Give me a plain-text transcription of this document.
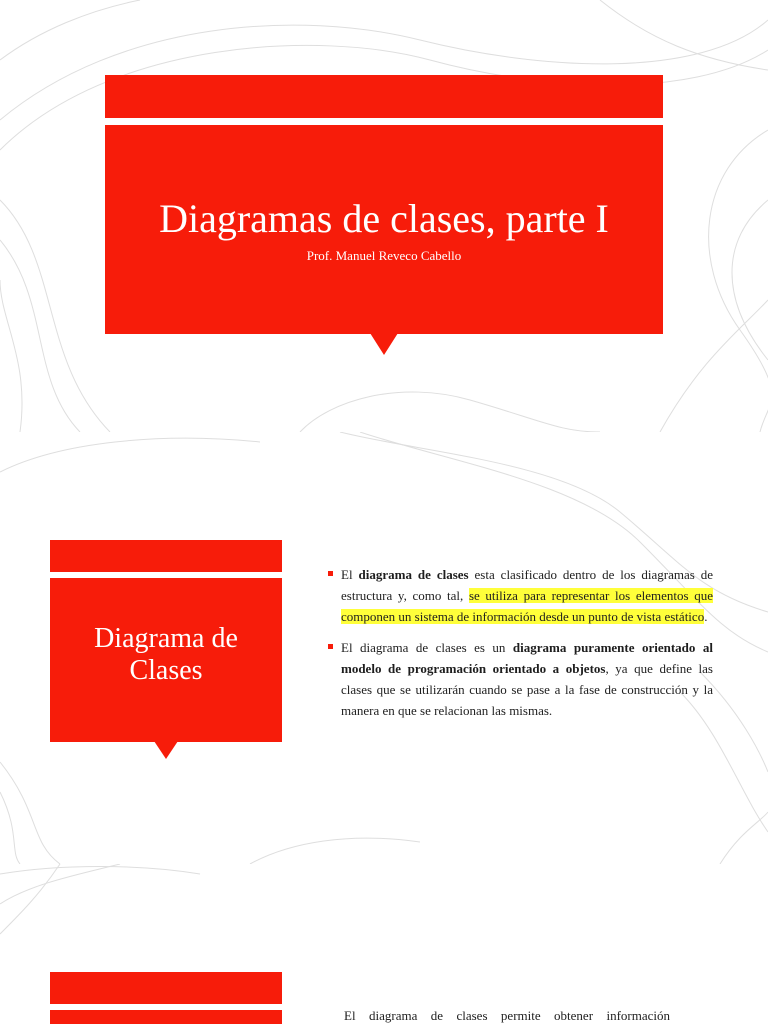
Diagramas de clases, parte I
Prof. Manuel Reveco Cabello
Diagrama de
Clases
El diagrama de clases esta clasificado dentro de los diagramas de estructura y, como tal, se utiliza para representar los elementos que componen un sistema de información desde un punto de vista estático.
El diagrama de clases es un diagrama puramente orientado al modelo de programación orientado a objetos, ya que define las clases que se utilizarán cuando se pase a la fase de construcción y la manera en que se relacionan las mismas.
El diagrama de clases permite obtener información
